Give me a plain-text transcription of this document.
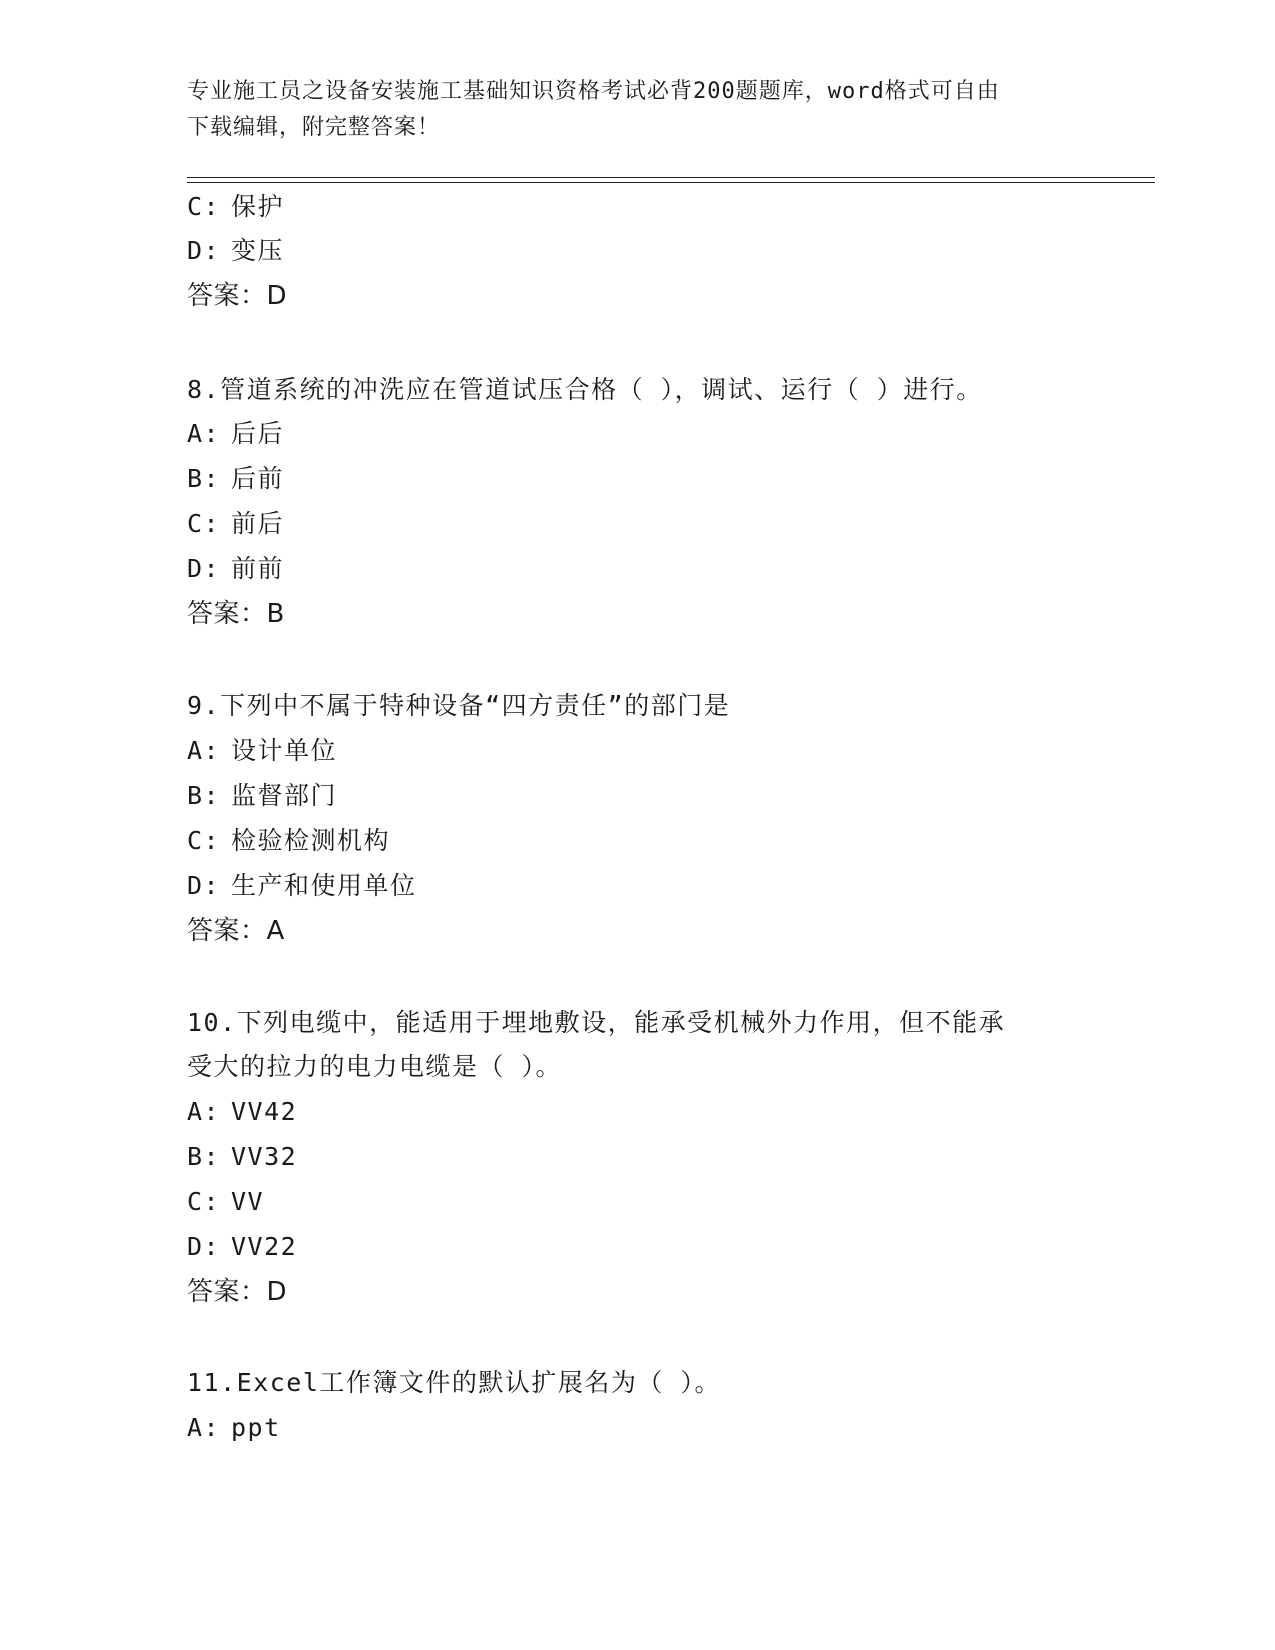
专业施工员之设备安装施工基础知识资格考试必背200题题库，word格式可自由
下载编辑，附完整答案！
C: 保护
D: 变压
答案：D
8.管道系统的冲洗应在管道试压合格（ ），调试、运行（ ）进行。
A: 后后
B: 后前
C: 前后
D: 前前
答案：B
9.下列中不属于特种设备“四方责任”的部门是
A: 设计单位
B: 监督部门
C: 检验检测机构
D: 生产和使用单位
答案：A
10.下列电缆中，能适用于埋地敷设，能承受机械外力作用，但不能承
受大的拉力的电力电缆是（ ）。
A: VV42
B: VV32
C: VV
D: VV22
答案：D
11.Excel工作簿文件的默认扩展名为（ ）。
A: ppt
